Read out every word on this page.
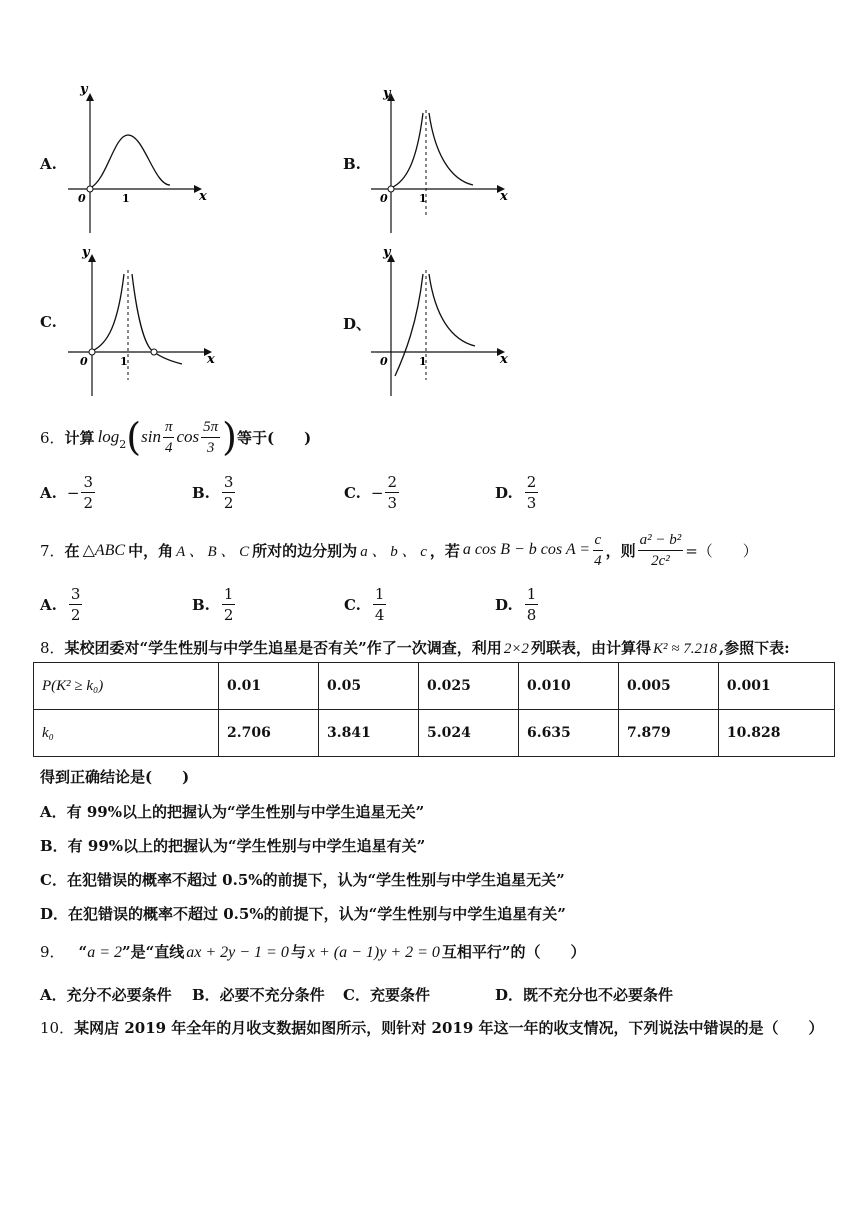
A.
y
x
0	1
B.
y
x
0	1
C.
y
x
0	1
D、
y
x
0	1
6． 计算 $\log_2$ ( $\sin \frac{\pi}{4}$ $\cos \frac{5\pi}{3}$ ) 等于(　　)
A. − $\frac{3}{2}$	B. $\frac{3}{2}$	C. − $\frac{2}{3}$	D. $\frac{2}{3}$
7． 在 △ABC 中，角 A 、 B 、 C 所对的边分别为 a 、 b 、 c ，若 a cos B − b $\cos A = \frac{c}{4}$ ，则 $\frac{\text{a² − b²}}{\text{2c²}}$ =（　　）
A. $\frac{3}{2}$	B. $\frac{1}{2}$	C. $\frac{1}{4}$	D. $\frac{1}{8}$
8． 某校团委对“学生性别与中学生追星是否有关”作了一次调查，利用 2×2 列联表，由计算得 K² ≈ 7.218 ,参照下表:
P(K² ≥ k₀)	0.01	0.05	0.025	0.010	0.005	0.001
k₀	2.706	3.841	5.024	6.635	7.879	10.828
得到正确结论是(　　)
A．有 99%以上的把握认为“学生性别与中学生追星无关”
B．有 99%以上的把握认为“学生性别与中学生追星有关”
C．在犯错误的概率不超过 0.5%的前提下，认为“学生性别与中学生追星无关”
D．在犯错误的概率不超过 0.5%的前提下，认为“学生性别与中学生追星有关”
9． “ a = 2 ”是“直线 ax + 2y − 1 = 0 与 x + (a − 1)y + 2 = 0 互相平行”的（　　）
A．充分不必要条件 B．必要不充分条件 C．充要条件	D．既不充分也不必要条件
10．某网店 2019 年全年的月收支数据如图所示，则针对 2019 年这一年的收支情况，下列说法中错误的是（　　）
